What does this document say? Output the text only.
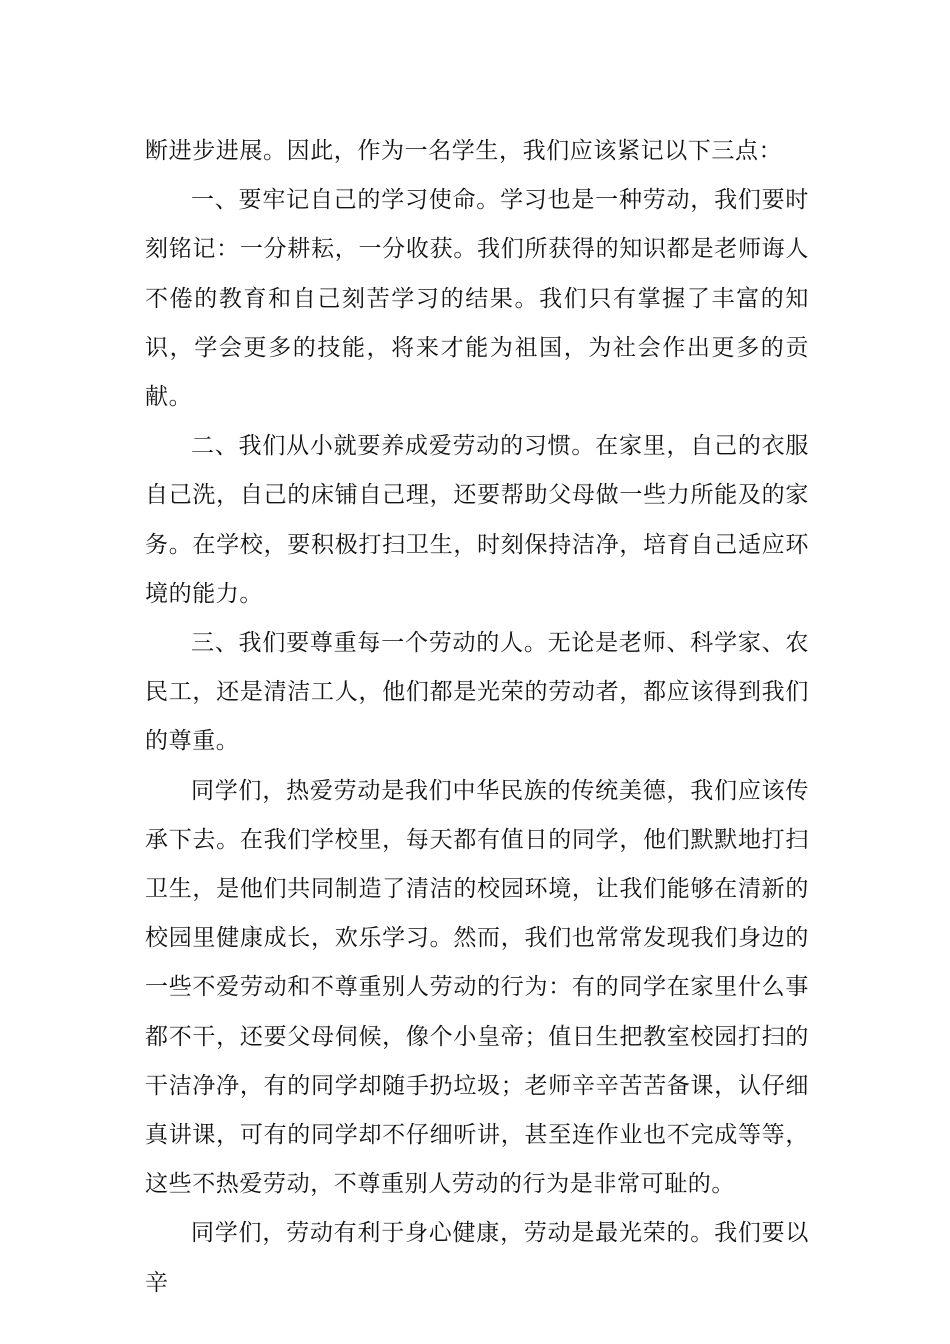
断进步进展。因此，作为一名学生，我们应该紧记以下三点：

一、要牢记自己的学习使命。学习也是一种劳动，我们要时刻铭记：一分耕耘，一分收获。我们所获得的知识都是老师诲人不倦的教育和自己刻苦学习的结果。我们只有掌握了丰富的知识，学会更多的技能，将来才能为祖国，为社会作出更多的贡献。

二、我们从小就要养成爱劳动的习惯。在家里，自己的衣服自己洗，自己的床铺自己理，还要帮助父母做一些力所能及的家务。在学校，要积极打扫卫生，时刻保持洁净，培育自己适应环境的能力。

三、我们要尊重每一个劳动的人。无论是老师、科学家、农民工，还是清洁工人，他们都是光荣的劳动者，都应该得到我们的尊重。

同学们，热爱劳动是我们中华民族的传统美德，我们应该传承下去。在我们学校里，每天都有值日的同学，他们默默地打扫卫生，是他们共同制造了清洁的校园环境，让我们能够在清新的校园里健康成长，欢乐学习。然而，我们也常常发现我们身边的一些不爱劳动和不尊重别人劳动的行为：有的同学在家里什么事都不干，还要父母伺候，像个小皇帝；值日生把教室校园打扫的干洁净净，有的同学却随手扔垃圾；老师辛辛苦苦备课，认仔细真讲课，可有的同学却不仔细听讲，甚至连作业也不完成等等，这些不热爱劳动，不尊重别人劳动的行为是非常可耻的。

同学们，劳动有利于身心健康，劳动是最光荣的。我们要以辛
